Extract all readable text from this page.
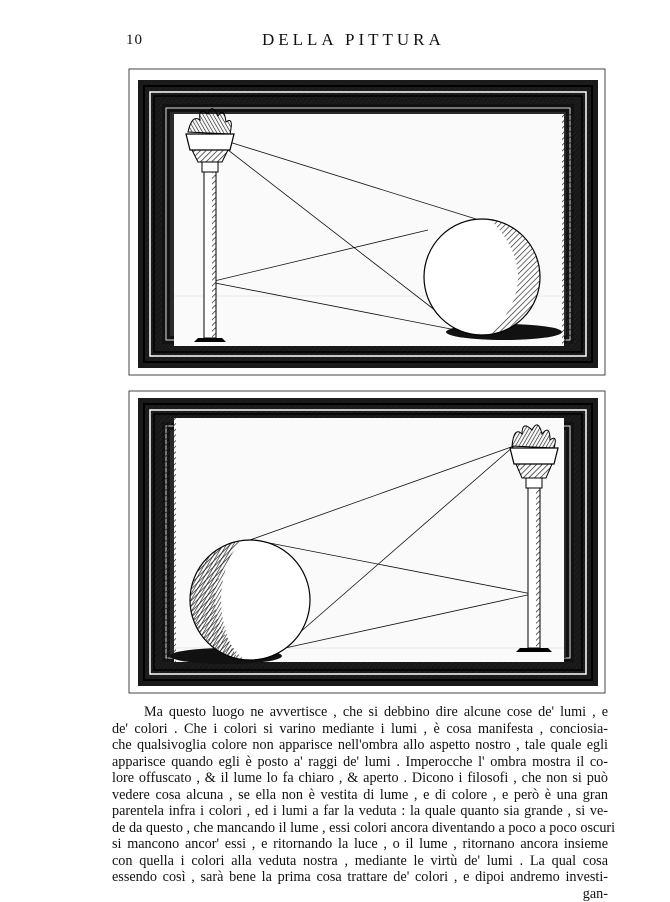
10	DELLA PITTURA
Ma questo luogo ne avvertisce , che si debbino dire alcune cose de' lumi , e
de' colori . Che i colori si varino mediante i lumi , è cosa manifesta , conciosia-
che qualsivoglia colore non apparisce nell'ombra allo aspetto nostro , tale quale egli
apparisce quando egli è posto a' raggi de' lumi . Imperocche l' ombra mostra il co-
lore offuscato , & il lume lo fa chiaro , & aperto . Dicono i filosofi , che non si può
vedere cosa alcuna , se ella non è vestita di lume , e di colore , e però è una gran
parentela infra i colori , ed i lumi a far la veduta : la quale quanto sia grande , si ve-
de da questo , che mancando il lume , essi colori ancora diventando a poco a poco oscuri
si mancono ancor' essi , e ritornando la luce , o il lume , ritornano ancora insieme
con quella i colori alla veduta nostra , mediante le virtù de' lumi . La qual cosa
essendo così , sarà bene la prima cosa trattare de' colori , e dipoi andremo investi-
gan-
